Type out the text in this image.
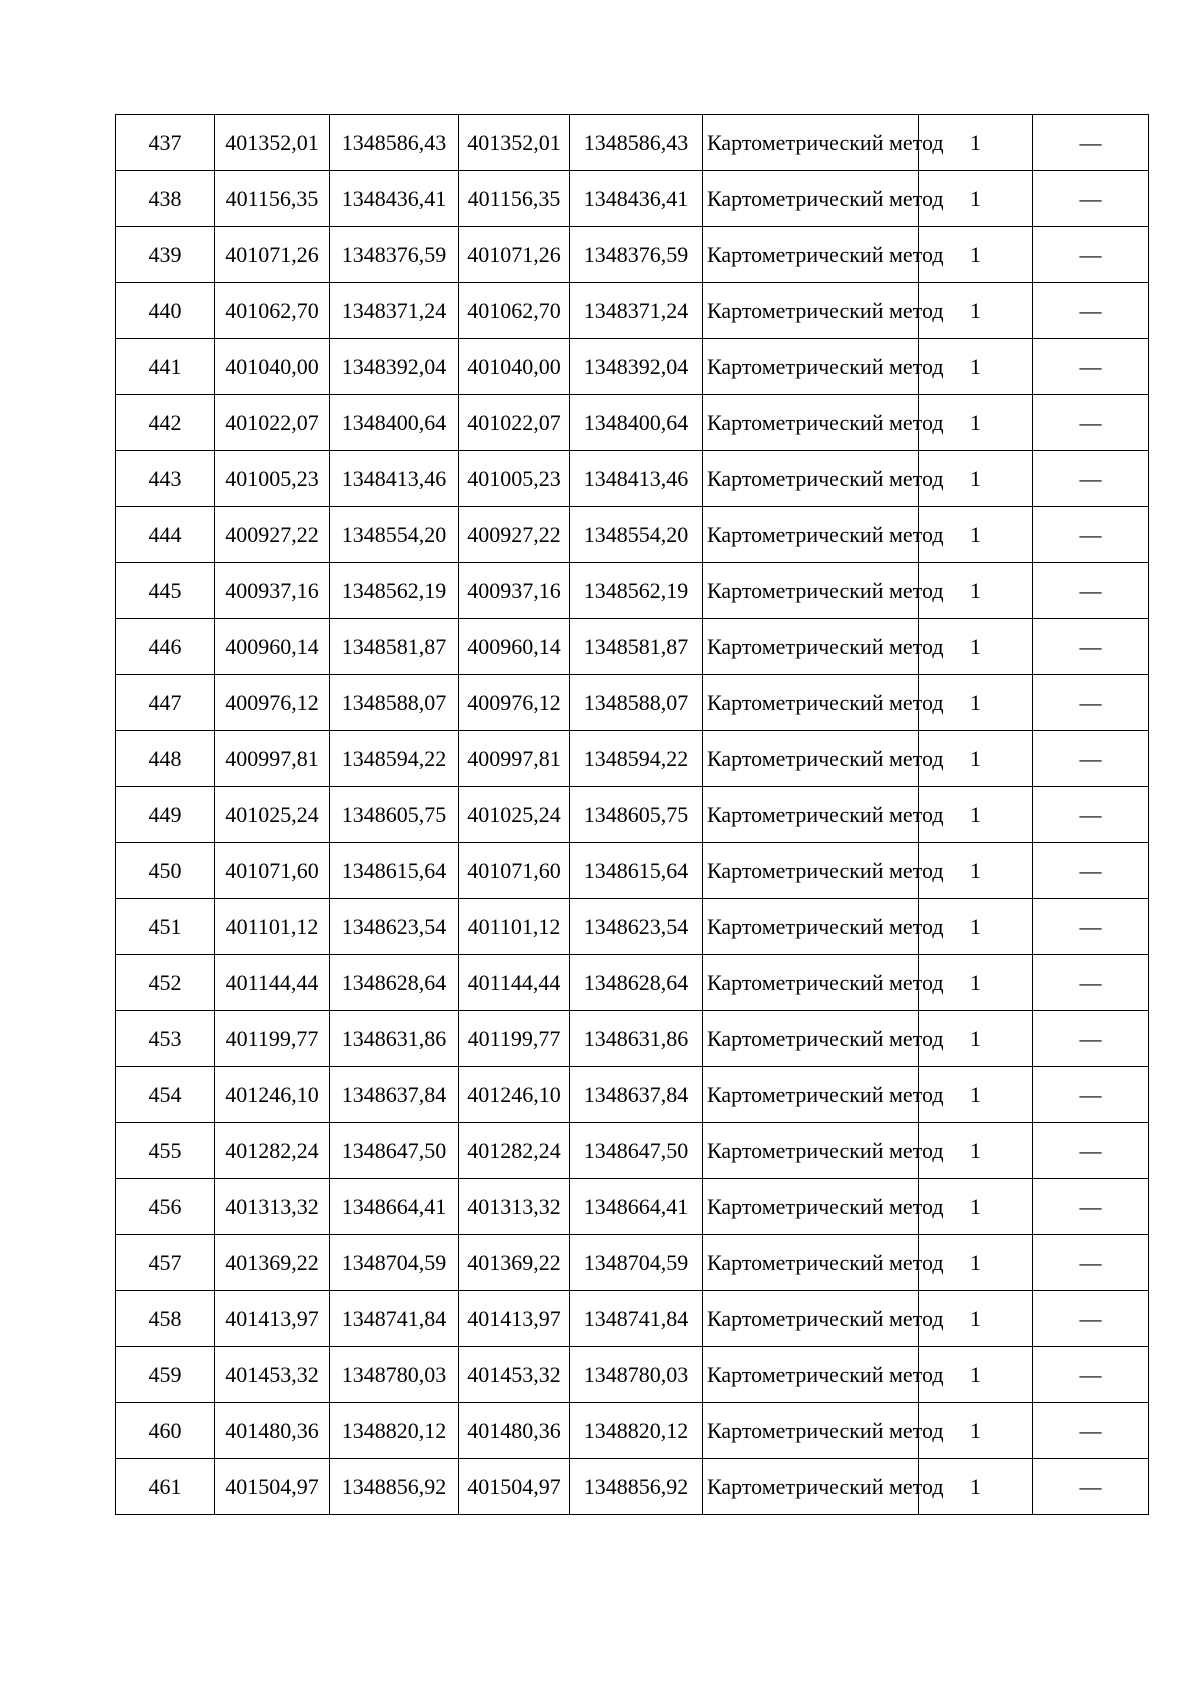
437	401352,01	1348586,43	401352,01	1348586,43	Картометрический метод	1	—
438	401156,35	1348436,41	401156,35	1348436,41	Картометрический метод	1	—
439	401071,26	1348376,59	401071,26	1348376,59	Картометрический метод	1	—
440	401062,70	1348371,24	401062,70	1348371,24	Картометрический метод	1	—
441	401040,00	1348392,04	401040,00	1348392,04	Картометрический метод	1	—
442	401022,07	1348400,64	401022,07	1348400,64	Картометрический метод	1	—
443	401005,23	1348413,46	401005,23	1348413,46	Картометрический метод	1	—
444	400927,22	1348554,20	400927,22	1348554,20	Картометрический метод	1	—
445	400937,16	1348562,19	400937,16	1348562,19	Картометрический метод	1	—
446	400960,14	1348581,87	400960,14	1348581,87	Картометрический метод	1	—
447	400976,12	1348588,07	400976,12	1348588,07	Картометрический метод	1	—
448	400997,81	1348594,22	400997,81	1348594,22	Картометрический метод	1	—
449	401025,24	1348605,75	401025,24	1348605,75	Картометрический метод	1	—
450	401071,60	1348615,64	401071,60	1348615,64	Картометрический метод	1	—
451	401101,12	1348623,54	401101,12	1348623,54	Картометрический метод	1	—
452	401144,44	1348628,64	401144,44	1348628,64	Картометрический метод	1	—
453	401199,77	1348631,86	401199,77	1348631,86	Картометрический метод	1	—
454	401246,10	1348637,84	401246,10	1348637,84	Картометрический метод	1	—
455	401282,24	1348647,50	401282,24	1348647,50	Картометрический метод	1	—
456	401313,32	1348664,41	401313,32	1348664,41	Картометрический метод	1	—
457	401369,22	1348704,59	401369,22	1348704,59	Картометрический метод	1	—
458	401413,97	1348741,84	401413,97	1348741,84	Картометрический метод	1	—
459	401453,32	1348780,03	401453,32	1348780,03	Картометрический метод	1	—
460	401480,36	1348820,12	401480,36	1348820,12	Картометрический метод	1	—
461	401504,97	1348856,92	401504,97	1348856,92	Картометрический метод	1	—
